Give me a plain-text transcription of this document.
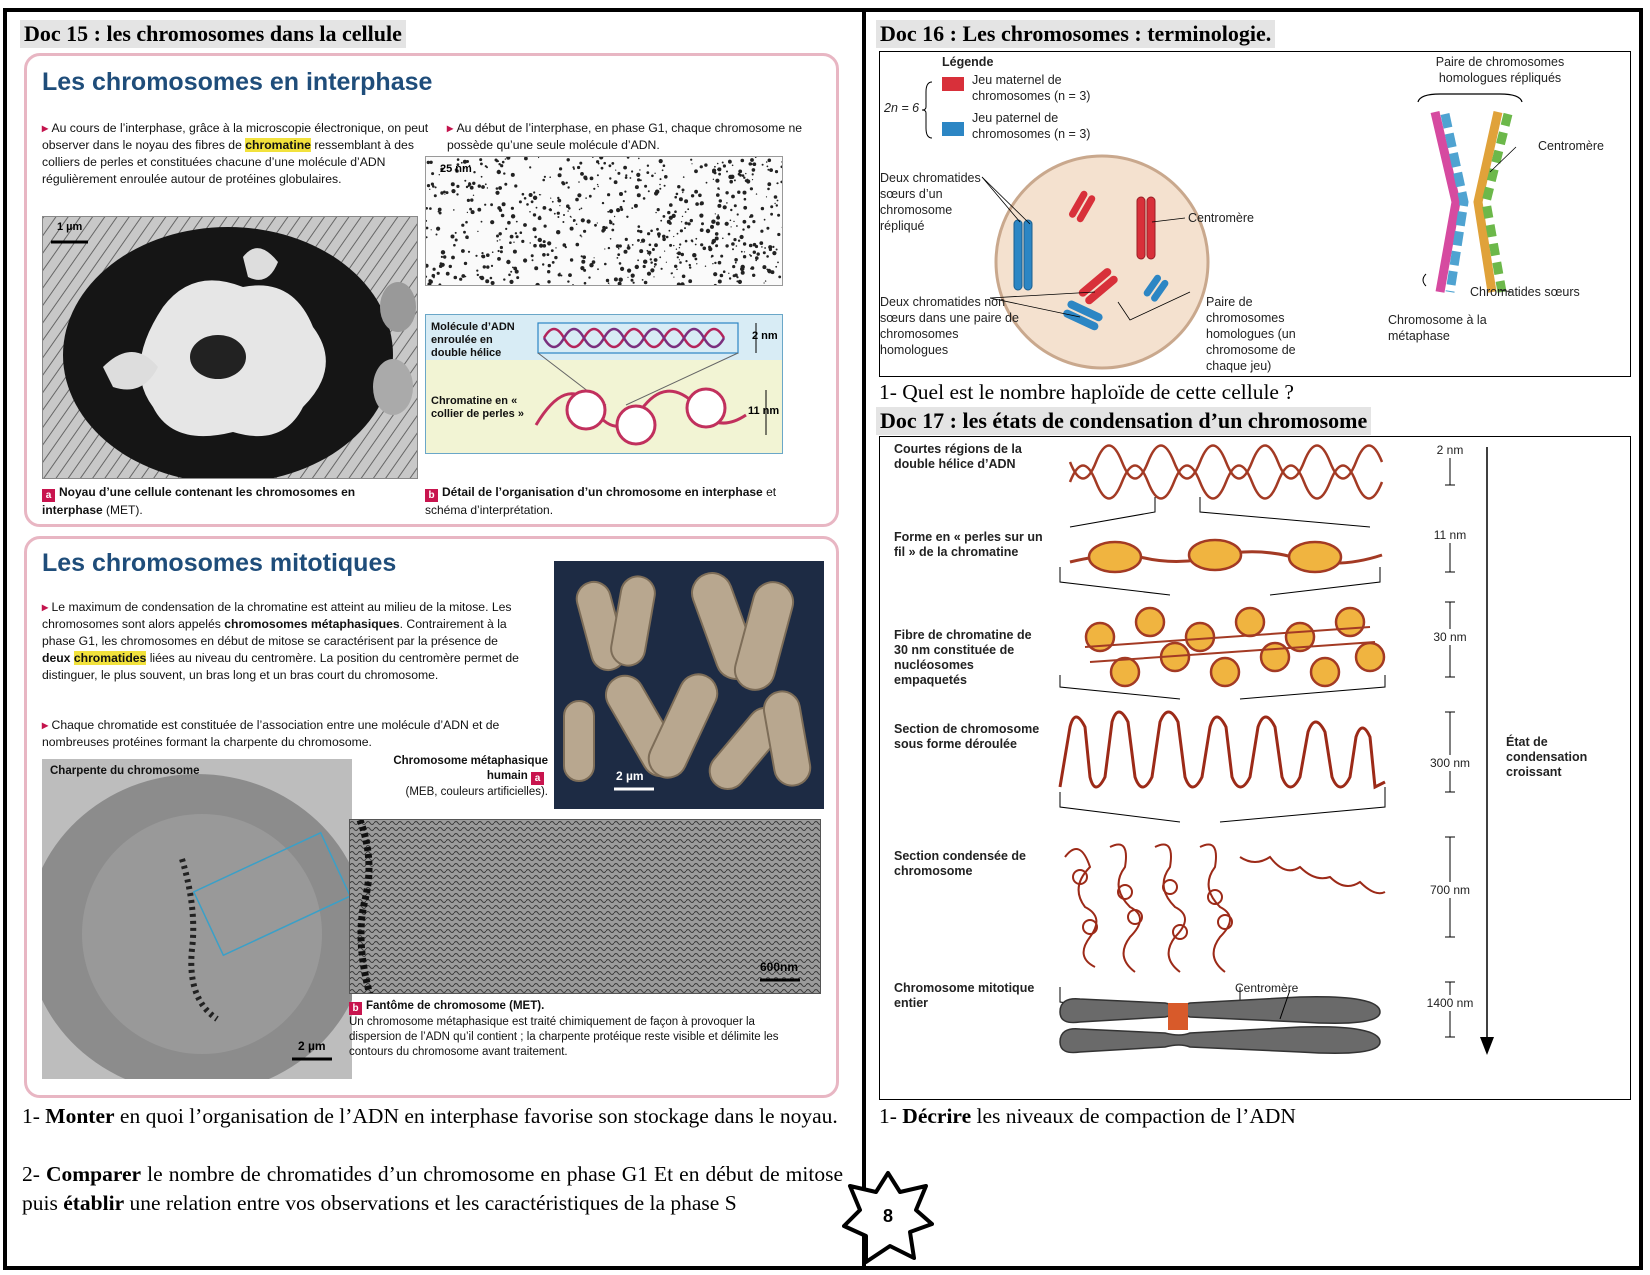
Doc 15 : les chromosomes dans la cellule
Les chromosomes en interphase
▸ Au cours de l’interphase, grâce à la microscopie électronique, on peut observer dans le noyau des fibres de chromatine ressemblant à des colliers de perles et constituées chacune d’une molécule d’ADN régulièrement enroulée autour de protéines globulaires.
▸ Au début de l’interphase, en phase G1, chaque chromosome ne possède qu’une seule molécule d’ADN.
1 µm
25 nm
Molécule d’ADN enroulée en double hélice
Chromatine en « collier de perles »
2 nm
11 nm
a Noyau d’une cellule contenant les chromosomes en interphase (MET).
b Détail de l’organisation d’un chromosome en interphase et schéma d’interprétation.
Les chromosomes mitotiques
▸ Le maximum de condensation de la chromatine est atteint au milieu de la mitose. Les chromosomes sont alors appelés chromosomes métaphasiques. Contrairement à la phase G1, les chromosomes en début de mitose se caractérisent par la présence de deux chromatides liées au niveau du centromère. La position du centromère permet de distinguer, le plus souvent, un bras long et un bras court du chromosome.
▸ Chaque chromatide est constituée de l’association entre une molécule d’ADN et de nombreuses protéines formant la charpente du chromosome.
2 µm
Chromosome métaphasique humain a
(MEB, couleurs artificielles).
Charpente du chromosome
2 µm
600nm
b Fantôme de chromosome (MET).
Un chromosome métaphasique est traité chimiquement de façon à provoquer la dispersion de l’ADN qu’il contient ; la charpente protéique reste visible et délimite les contours du chromosome avant traitement.
1- Monter en quoi l’organisation de l’ADN en interphase favorise son stockage dans le noyau.
2- Comparer le nombre de chromatides d’un chromosome en phase G1 Et en début de mitose puis établir une relation entre vos observations et les caractéristiques de la phase S
Doc 16 : Les chromosomes : terminologie.
Légende
2n = 6
Jeu maternel de chromosomes (n = 3)
Jeu paternel de chromosomes (n = 3)
Deux chromatides sœurs d’un chromosome répliqué
Deux chromatides non sœurs dans une paire de chromosomes homologues
Centromère
Paire de chromosomes homologues (un chromosome de chaque jeu)
Paire de chromosomes homologues répliqués
Centromère
Chromatides sœurs
Chromosome à la métaphase
1- Quel est le nombre haploïde de cette cellule ?
Doc 17 : les états de condensation d’un chromosome
Courtes régions de la double hélice d’ADN
2 nm
Forme en « perles sur un fil » de la chromatine
11 nm
Fibre de chromatine de 30 nm constituée de nucléosomes empaquetés
30 nm
Section de chromosome sous forme déroulée
300 nm
Section condensée de chromosome
700 nm
Chromosome mitotique entier	1400 nm
Centromère
État de condensation croissant
1- Décrire les niveaux de compaction de l’ADN
8
